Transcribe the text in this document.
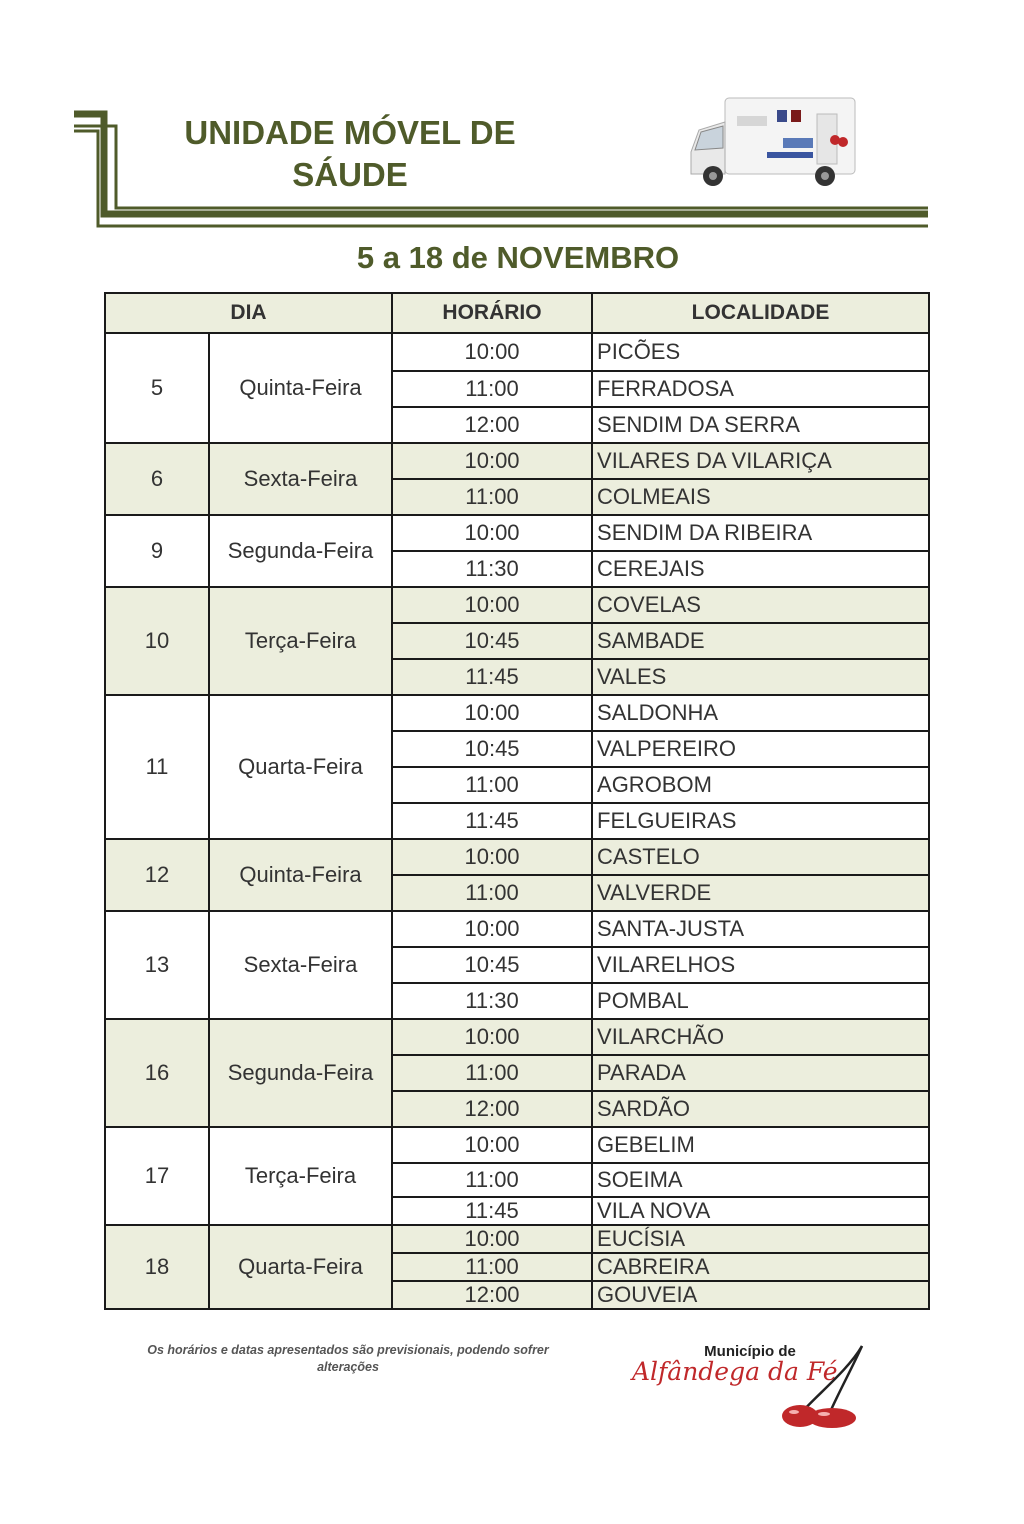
UNIDADE MÓVEL DE
SÁUDE
5 a 18 de NOVEMBRO
DIA		HORÁRIO	LOCALIDADE
5	Quinta-Feira	10:00	PICÕES
		11:00	FERRADOSA
		12:00	SENDIM DA SERRA
6	Sexta-Feira	10:00	VILARES DA VILARIÇA
		11:00	COLMEAIS
9	Segunda-Feira	10:00	SENDIM DA RIBEIRA
		11:30	CEREJAIS
10	Terça-Feira	10:00	COVELAS
		10:45	SAMBADE
		11:45	VALES
11	Quarta-Feira	10:00	SALDONHA
		10:45	VALPEREIRO
		11:00	AGROBOM
		11:45	FELGUEIRAS
12	Quinta-Feira	10:00	CASTELO
		11:00	VALVERDE
13	Sexta-Feira	10:00	SANTA-JUSTA
		10:45	VILARELHOS
		11:30	POMBAL
16	Segunda-Feira	10:00	VILARCHÃO
		11:00	PARADA
		12:00	SARDÃO
17	Terça-Feira	10:00	GEBELIM
		11:00	SOEIMA
		11:45	VILA NOVA
18	Quarta-Feira	10:00	EUCÍSIA
		11:00	CABREIRA
		12:00	GOUVEIA
Os horários e datas apresentados são previsionais, podendo sofrer alterações
Município de
Alfândega da Fé
